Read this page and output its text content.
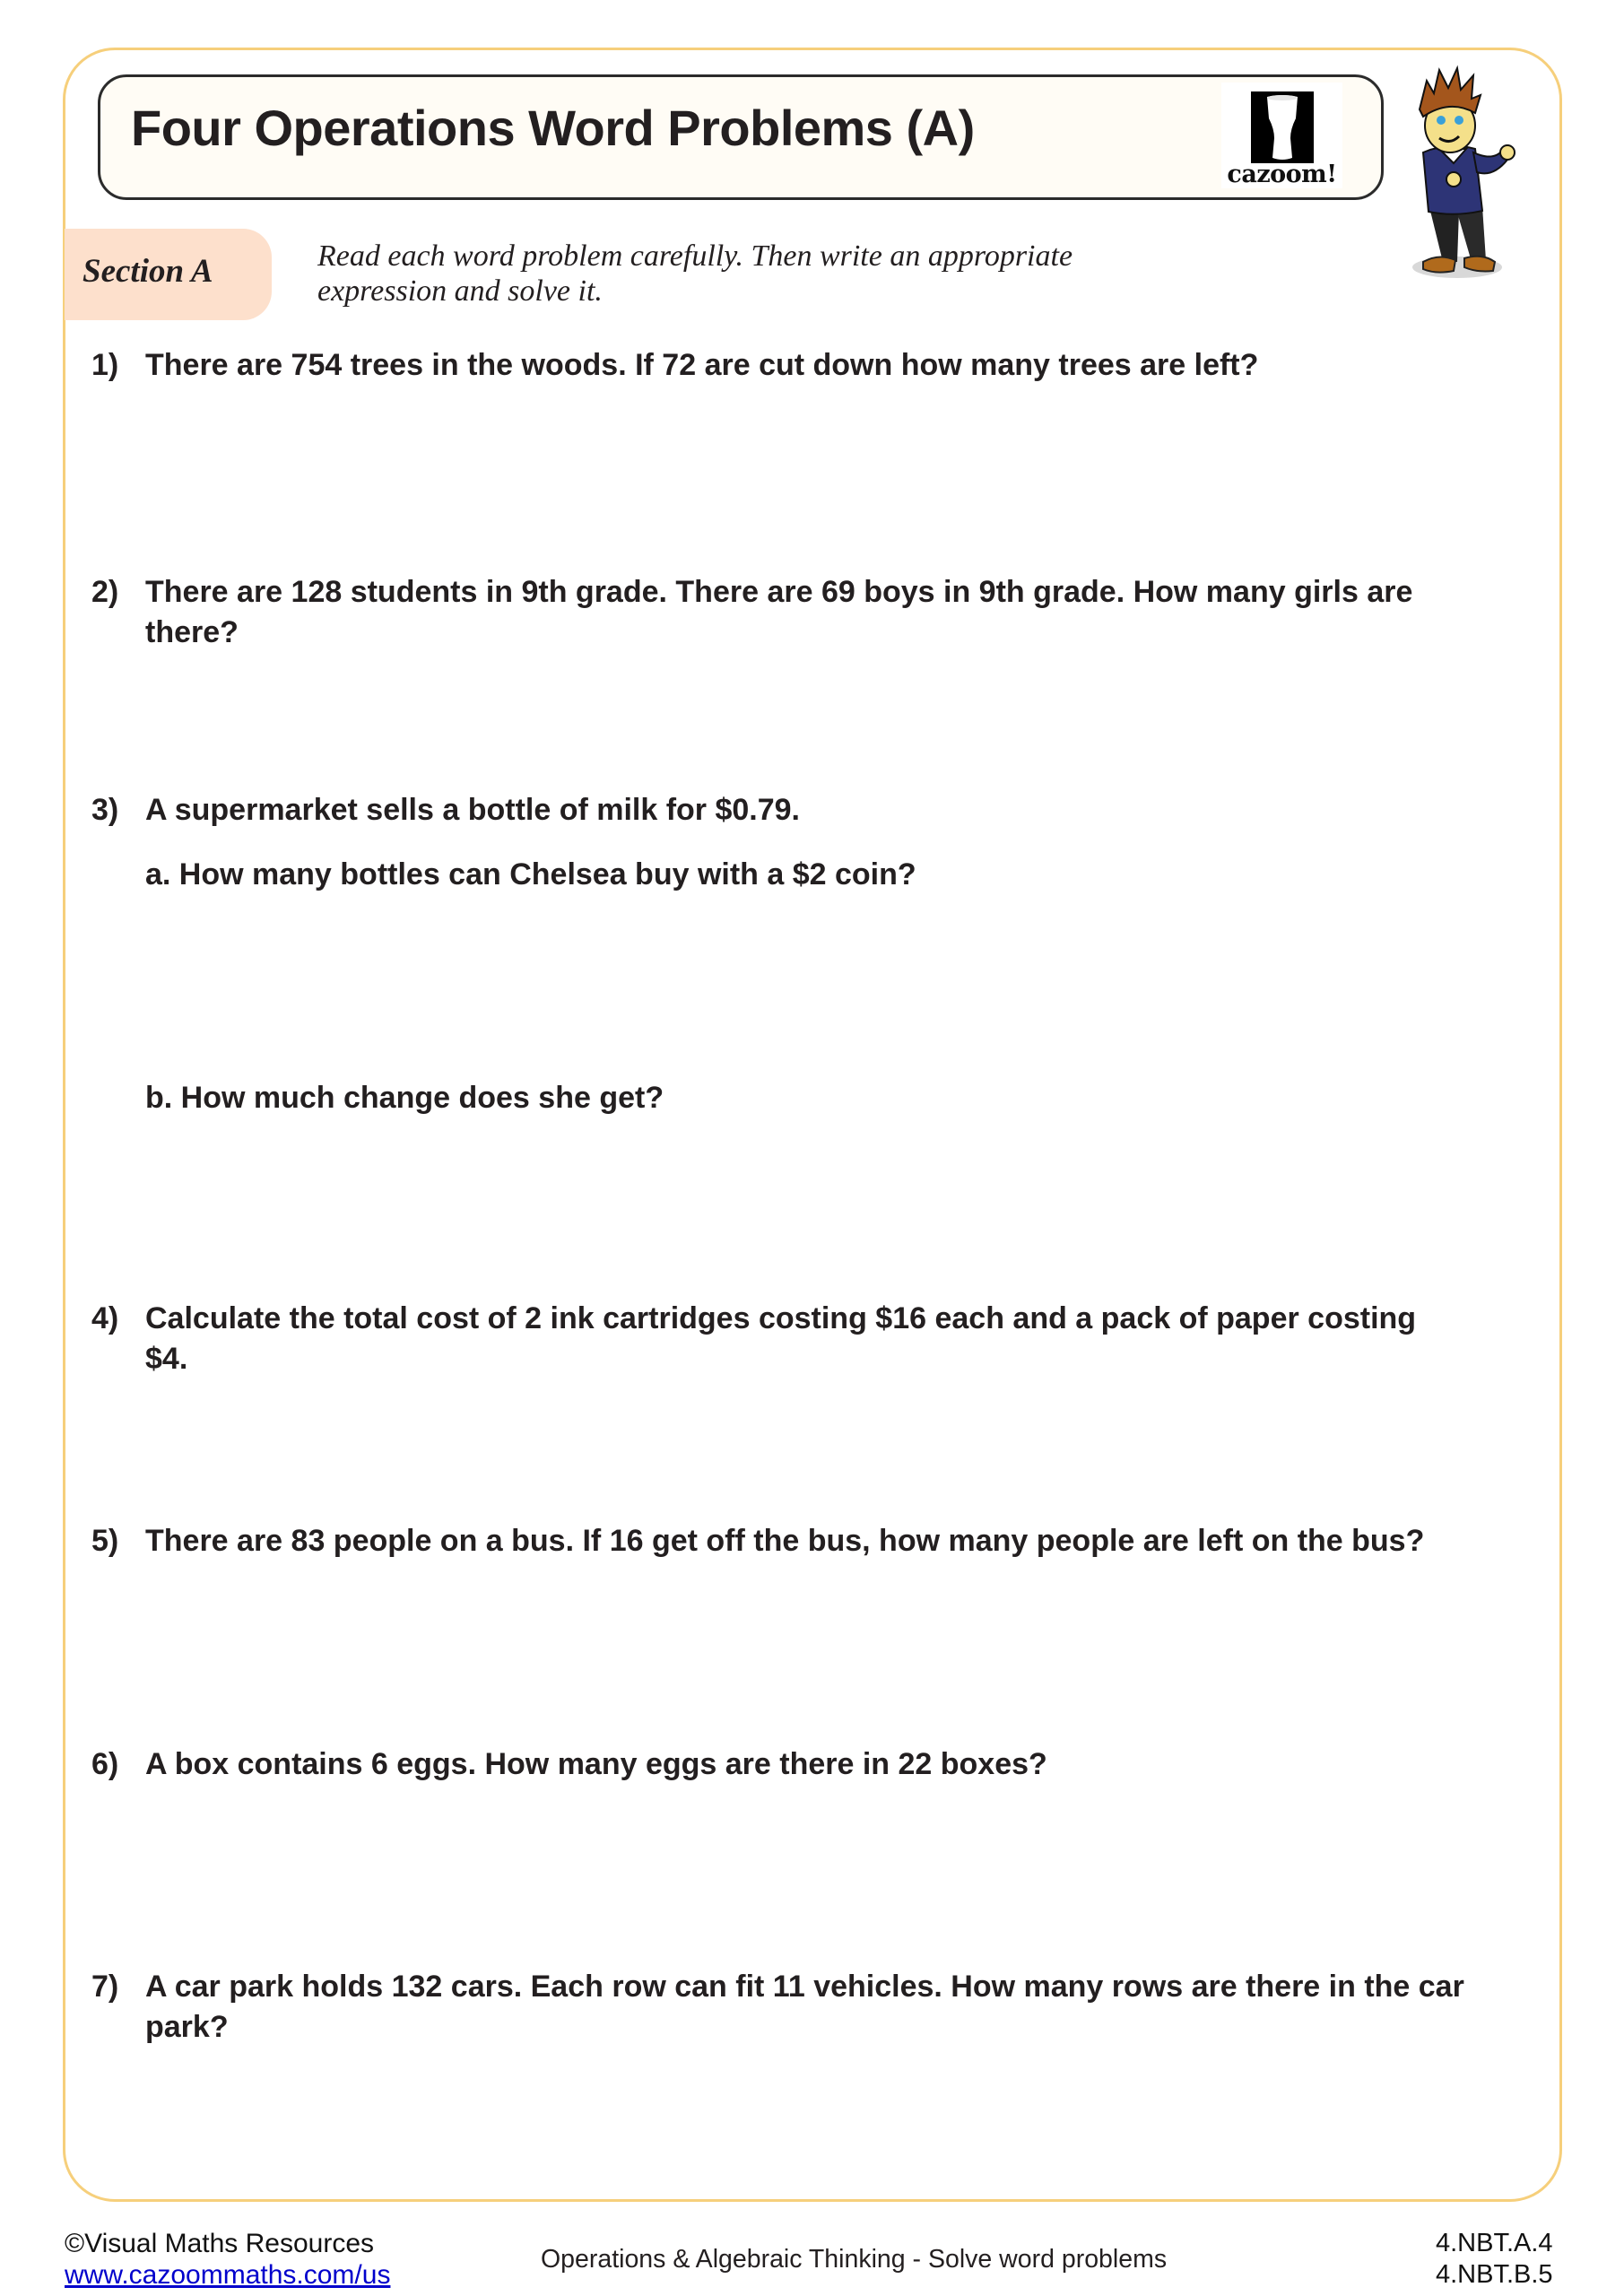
Four Operations Word Problems (A)
cazoom!
Section A	Read each word problem carefully. Then write an appropriate expression and solve it.

1) There are 754 trees in the woods. If 72 are cut down how many trees are left?
2) There are 128 students in 9th grade. There are 69 boys in 9th grade. How many girls are there?
3) A supermarket sells a bottle of milk for $0.79.
a. How many bottles can Chelsea buy with a $2 coin?
b. How much change does she get?
4) Calculate the total cost of 2 ink cartridges costing $16 each and a pack of paper costing $4.
5) There are 83 people on a bus. If 16 get off the bus, how many people are left on the bus?
6) A box contains 6 eggs. How many eggs are there in 22 boxes?
7) A car park holds 132 cars. Each row can fit 11 vehicles. How many rows are there in the car park?
©Visual Maths Resources
www.cazoommaths.com/us
Operations & Algebraic Thinking - Solve word problems
4.NBT.A.4
4.NBT.B.5
